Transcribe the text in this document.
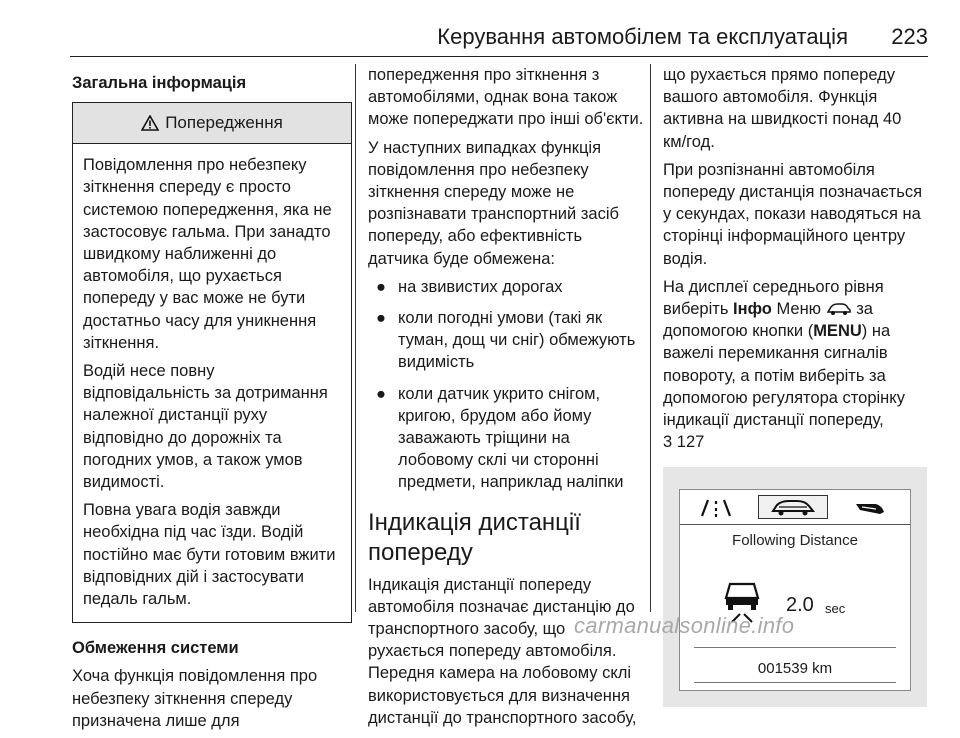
Керування автомобілем та експлуатація 223
Загальна інформація
Попередження
Повідомлення про небезпеку зіткнення спереду є просто системою попередження, яка не застосовує гальма. При занадто швидкому наближенні до автомобіля, що рухається попереду у вас може не бути достатньо часу для уникнення зіткнення.
Водій несе повну відповідальність за дотримання належної дистанції руху відповідно до дорожніх та погодних умов, а також умов видимості.
Повна увага водія завжди необхідна під час їзди. Водій постійно має бути готовим вжити відповідних дій і застосувати педаль гальм.
Обмеження системи
Хоча функція повідомлення про небезпеку зіткнення спереду призначена лише для
попередження про зіткнення з автомобілями, однак вона також може попереджати про інші об'єкти.
У наступних випадках функція повідомлення про небезпеку зіткнення спереду може не розпізнавати транспортний засіб попереду, або ефективність датчика буде обмежена:
● на звивистих дорогах
● коли погодні умови (такі як туман, дощ чи сніг) обмежують видимість
● коли датчик укрито снігом, кригою, брудом або йому заважають тріщини на лобовому склі чи сторонні предмети, наприклад наліпки
Індикація дистанції попереду
Індикація дистанції попереду автомобіля позначає дистанцію до транспортного засобу, що рухається попереду автомобіля. Передня камера на лобовому склі використовується для визначення дистанції до транспортного засобу,
що рухається прямо попереду вашого автомобіля. Функція активна на швидкості понад 40 км/год.
При розпізнанні автомобіля попереду дистанція позначається у секундах, покази наводяться на сторінці інформаційного центру водія.
На дисплеї середнього рівня виберіть Інфо Меню  за допомогою кнопки (MENU) на важелі перемикання сигналів повороту, а потім виберіть за допомогою регулятора сторінку індикації дистанції попереду,
3 127
Following Distance
2.0 sec
001539 km
carmanualsonline.info
